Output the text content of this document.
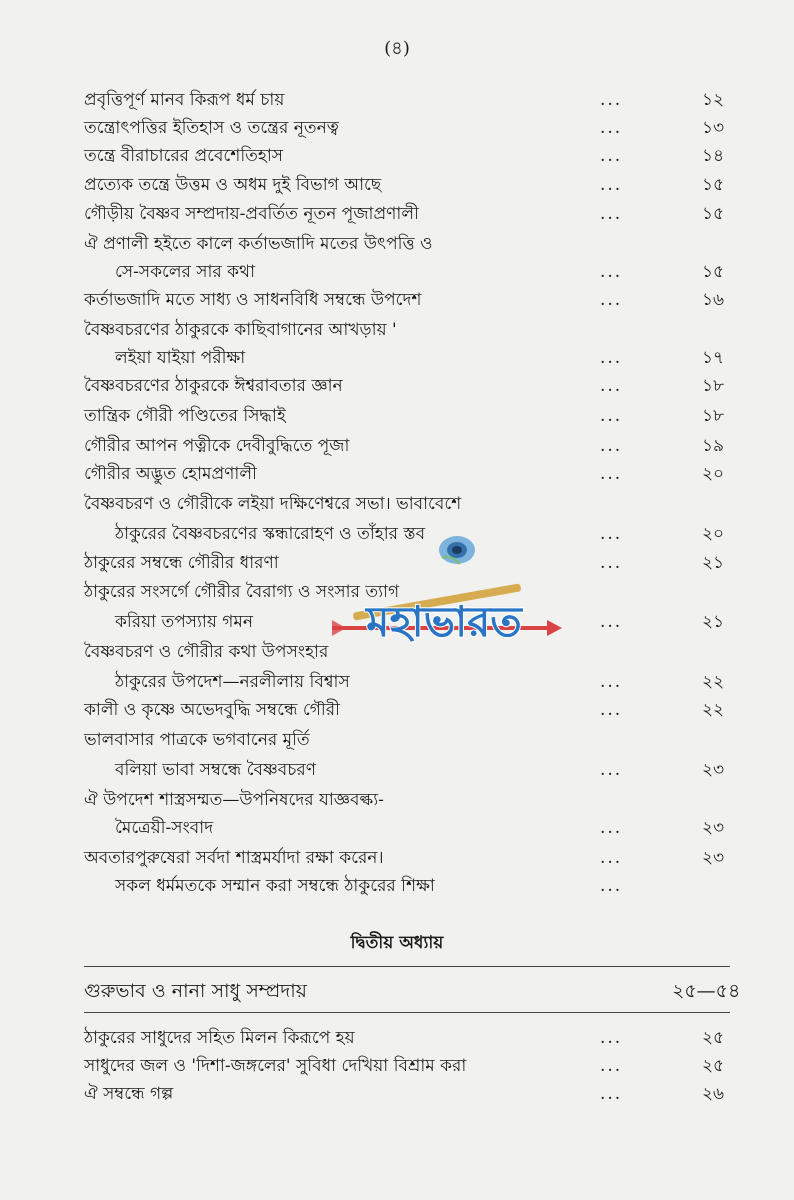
(৪)
প্রবৃত্তিপূর্ণ মানব কিরূপ ধর্ম চায়	...	১২
তন্ত্রোৎপত্তির ইতিহাস ও তন্ত্রের নূতনত্ব	...	১৩
তন্ত্রে বীরাচারের প্রবেশেতিহাস	...	১৪
প্রত্যেক তন্ত্রে উত্তম ও অধম দুই বিভাগ আছে	...	১৫
গৌড়ীয় বৈষ্ণব সম্প্রদায়-প্রবর্তিত নূতন পূজাপ্রণালী	...	১৫
ঐ প্রণালী হইতে কালে কর্তাভজাদি মতের উৎপত্তি ও
সে-সকলের সার কথা	...	১৫
কর্তাভজাদি মতে সাধ্য ও সাধনবিধি সম্বন্ধে উপদেশ	...	১৬
বৈষ্ণবচরণের ঠাকুরকে কাছিবাগানের আখড়ায় '
লইয়া যাইয়া পরীক্ষা	...	১৭
বৈষ্ণবচরণের ঠাকুরকে ঈশ্বরাবতার জ্ঞান	...	১৮
তান্ত্রিক গৌরী পণ্ডিতের সিদ্ধাই	...	১৮
গৌরীর আপন পত্নীকে দেবীবুদ্ধিতে পূজা	...	১৯
গৌরীর অদ্ভুত হোমপ্রণালী	...	২০
বৈষ্ণবচরণ ও গৌরীকে লইয়া দক্ষিণেশ্বরে সভা। ভাবাবেশে
ঠাকুরের বৈষ্ণবচরণের স্কন্ধারোহণ ও তাঁহার স্তব	...	২০
ঠাকুরের সম্বন্ধে গৌরীর ধারণা	...	২১
ঠাকুরের সংসর্গে গৌরীর বৈরাগ্য ও সংসার ত্যাগ
করিয়া তপস্যায় গমন	...	২১
বৈষ্ণবচরণ ও গৌরীর কথা উপসংহার
ঠাকুরের উপদেশ—নরলীলায় বিশ্বাস	...	২২
কালী ও কৃষ্ণে অভেদবুদ্ধি সম্বন্ধে গৌরী	...	২২
ভালবাসার পাত্রকে ভগবানের মূর্তি
বলিয়া ভাবা সম্বন্ধে বৈষ্ণবচরণ	...	২৩
ঐ উপদেশ শাস্ত্রসম্মত—উপনিষদের যাজ্ঞবল্ক্য-
মৈত্রেয়ী-সংবাদ	...	২৩
অবতারপুরুষেরা সর্বদা শাস্ত্রমর্যাদা রক্ষা করেন।	...	২৩
সকল ধর্মমতকে সম্মান করা সম্বন্ধে ঠাকুরের শিক্ষা	...
দ্বিতীয় অধ্যায়
গুরুভাব ও নানা সাধু সম্প্রদায়	২৫—৫৪
ঠাকুরের সাধুদের সহিত মিলন কিরূপে হয়	...	২৫
সাধুদের জল ও 'দিশা-জঙ্গলের' সুবিধা দেখিয়া বিশ্রাম করা	...	২৫
ঐ সম্বন্ধে গল্প	...	২৬
মহাভারত
